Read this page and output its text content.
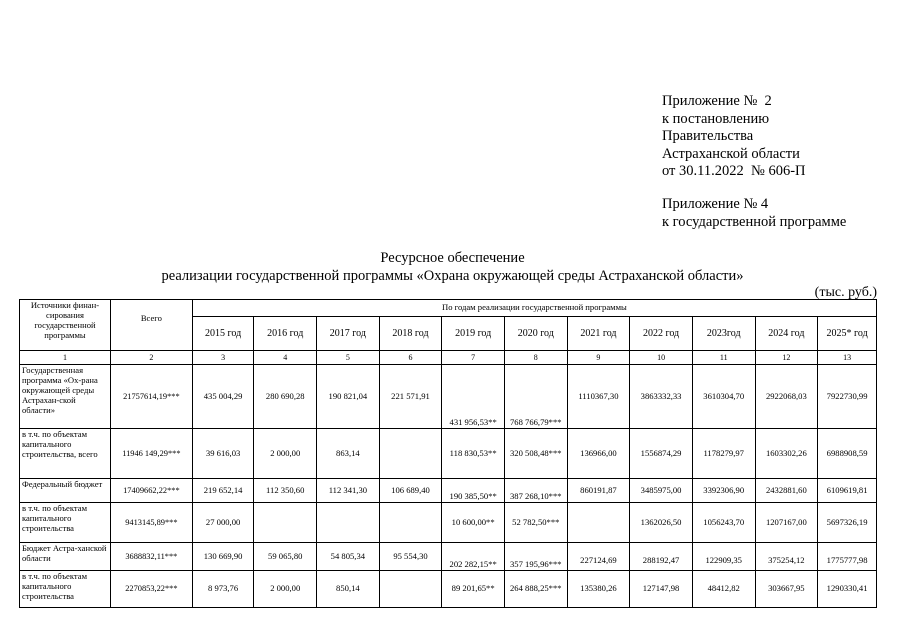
Приложение №  2
к постановлению
Правительства
Астраханской области
от 30.11.2022  № 606-П
Приложение № 4
к государственной программе
Ресурсное обеспечение
реализации государственной программы «Охрана окружающей среды Астраханской области»
(тыс. руб.)
Источники финан-сирования государственной программы	Всего	По годам реализации государственной программы										
		2015 год	2016 год	2017 год	2018 год	2019 год	2020 год	2021 год	2022 год	2023год	2024 год	2025* год
1	2	3	4	5	6	7	8	9	10	11	12	13
Государственная программа «Ох-рана окружающей среды Астрахан-ской области»	21757614,19***	435 004,29	280 690,28	190 821,04	221 571,91	431 956,53**	768 766,79***	1110367,30	3863332,33	3610304,70	2922068,03	7922730,99
в т.ч. по объектам капитального строительства, всего	11946 149,29***	39 616,03	2 000,00	863,14		118 830,53**	320 508,48***	136966,00	1556874,29	1178279,97	1603302,26	6988908,59
Федеральный бюджет	17409662,22***	219 652,14	112 350,60	112 341,30	106 689,40	190 385,50**	387 268,10***	860191,87	3485975,00	3392306,90	2432881,60	6109619,81
в т.ч. по объектам капитального строительства	9413145,89***	27 000,00				10 600,00**	52 782,50***		1362026,50	1056243,70	1207167,00	5697326,19
Бюджет Астра-ханской области	3688832,11***	130 669,90	59 065,80	54 805,34	95 554,30	202 282,15**	357 195,96***	227124,69	288192,47	122909,35	375254,12	1775777,98
в т.ч. по объектам капитального строительства	2270853,22***	8 973,76	2 000,00	850,14		89 201,65**	264 888,25***	135380,26	127147,98	48412,82	303667,95	1290330,41
